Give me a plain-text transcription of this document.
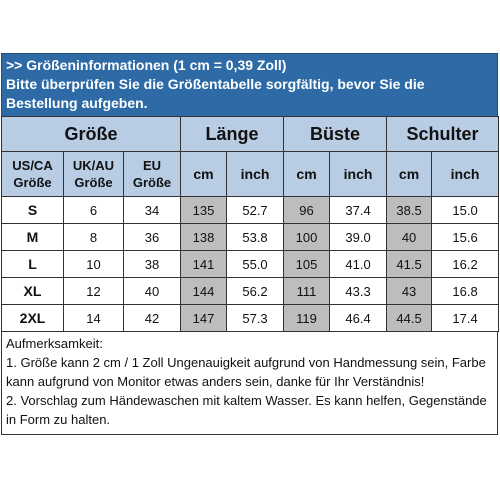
>> Größeninformationen (1 cm = 0,39 Zoll)
Bitte überprüfen Sie die Größentabelle sorgfältig, bevor Sie die Bestellung aufgeben.
Größe			Länge		Büste		Schulter	
US/CA Größe	UK/AU Größe	EU Größe	cm	inch	cm	inch	cm	inch
S	6	34	135	52.7	96	37.4	38.5	15.0
M	8	36	138	53.8	100	39.0	40	15.6
L	10	38	141	55.0	105	41.0	41.5	16.2
XL	12	40	144	56.2	111	43.3	43	16.8
2XL	14	42	147	57.3	119	46.4	44.5	17.4
Aufmerksamkeit:
1. Größe kann 2 cm / 1 Zoll Ungenauigkeit aufgrund von Handmessung sein, Farbe kann aufgrund von Monitor etwas anders sein, danke für Ihr Verständnis!
2. Vorschlag zum Händewaschen mit kaltem Wasser. Es kann helfen, Gegenstände in Form zu halten.
